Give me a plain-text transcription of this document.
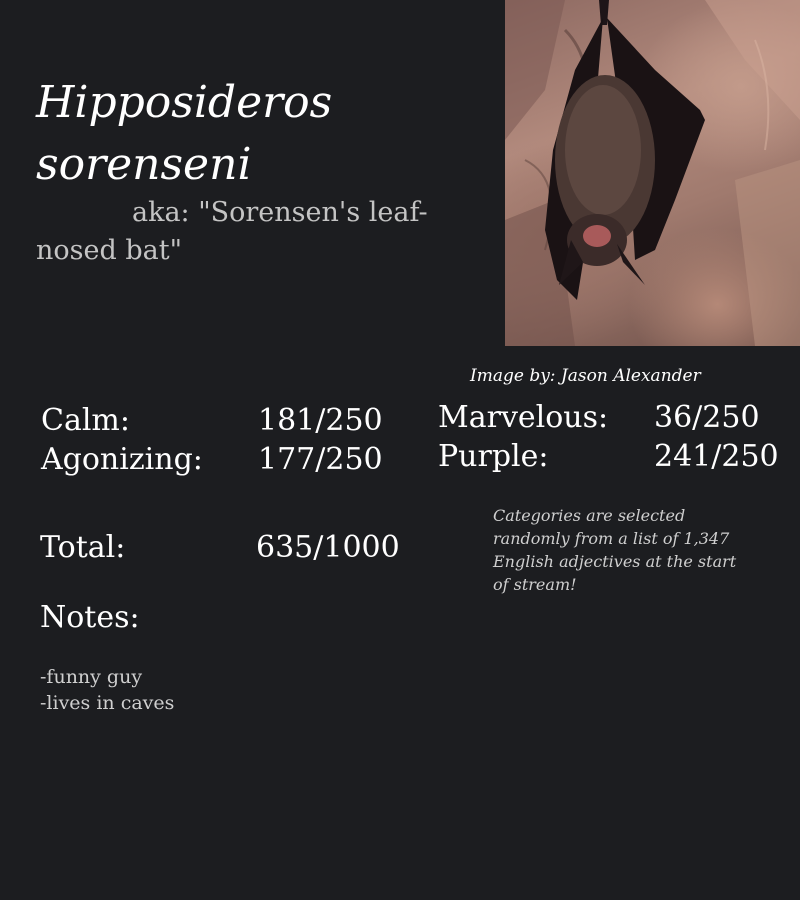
Hipposideros sorenseni

aka: "Sorensen's leaf-nosed bat"

Image by: Jason Alexander

Calm:	181/250

Agonizing: 177/250

Marvelous: 36/250

Purple:	241/250

Total:	635/1000

Categories are selected randomly from a list of 1,347 English adjectives at the start of stream!

Notes:
-funny guy
-lives in caves
